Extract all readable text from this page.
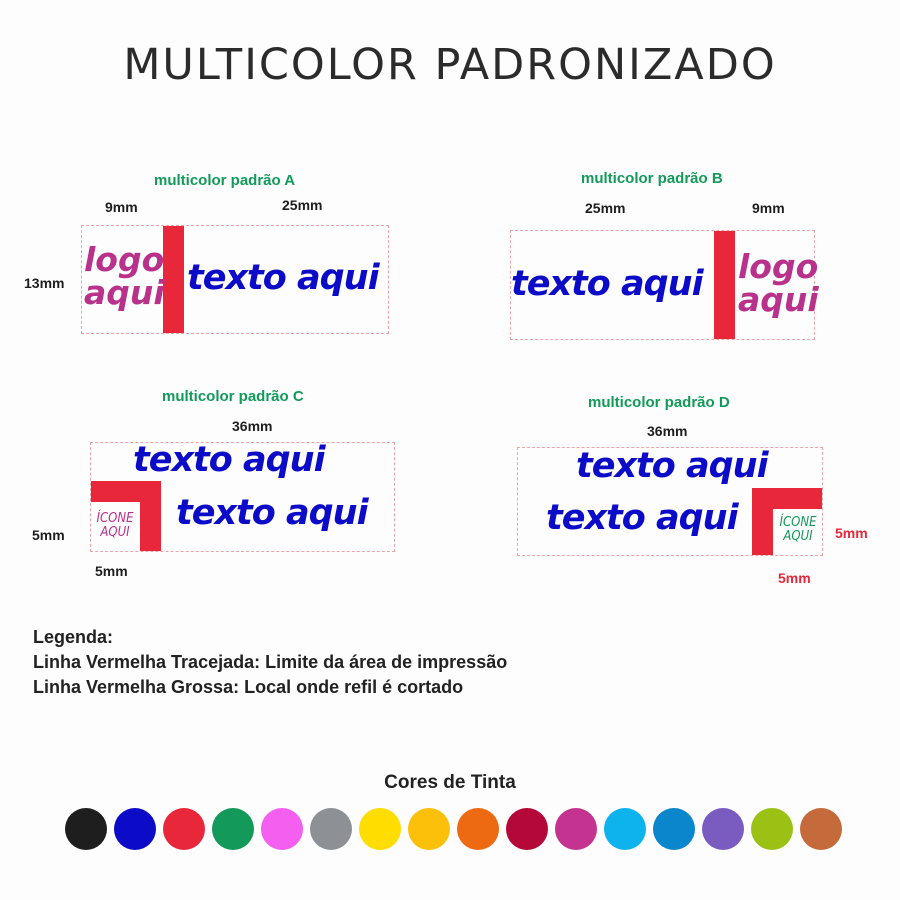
MULTICOLOR PADRONIZADO
multicolor padrão A
9mm	25mm
13mm
logo
aqui texto aqui
multicolor padrão B
25mm	9mm
texto aqui logo
aqui
multicolor padrão C
36mm
5mm
5mm
texto aqui
texto aqui
ÍCONE
AQUI
multicolor padrão D
36mm
5mm
5mm
texto aqui
texto aqui	ÍCONE
AQUI
Legenda:
Linha Vermelha Tracejada: Limite da área de impressão
Linha Vermelha Grossa: Local onde refil é cortado
Cores de Tinta
